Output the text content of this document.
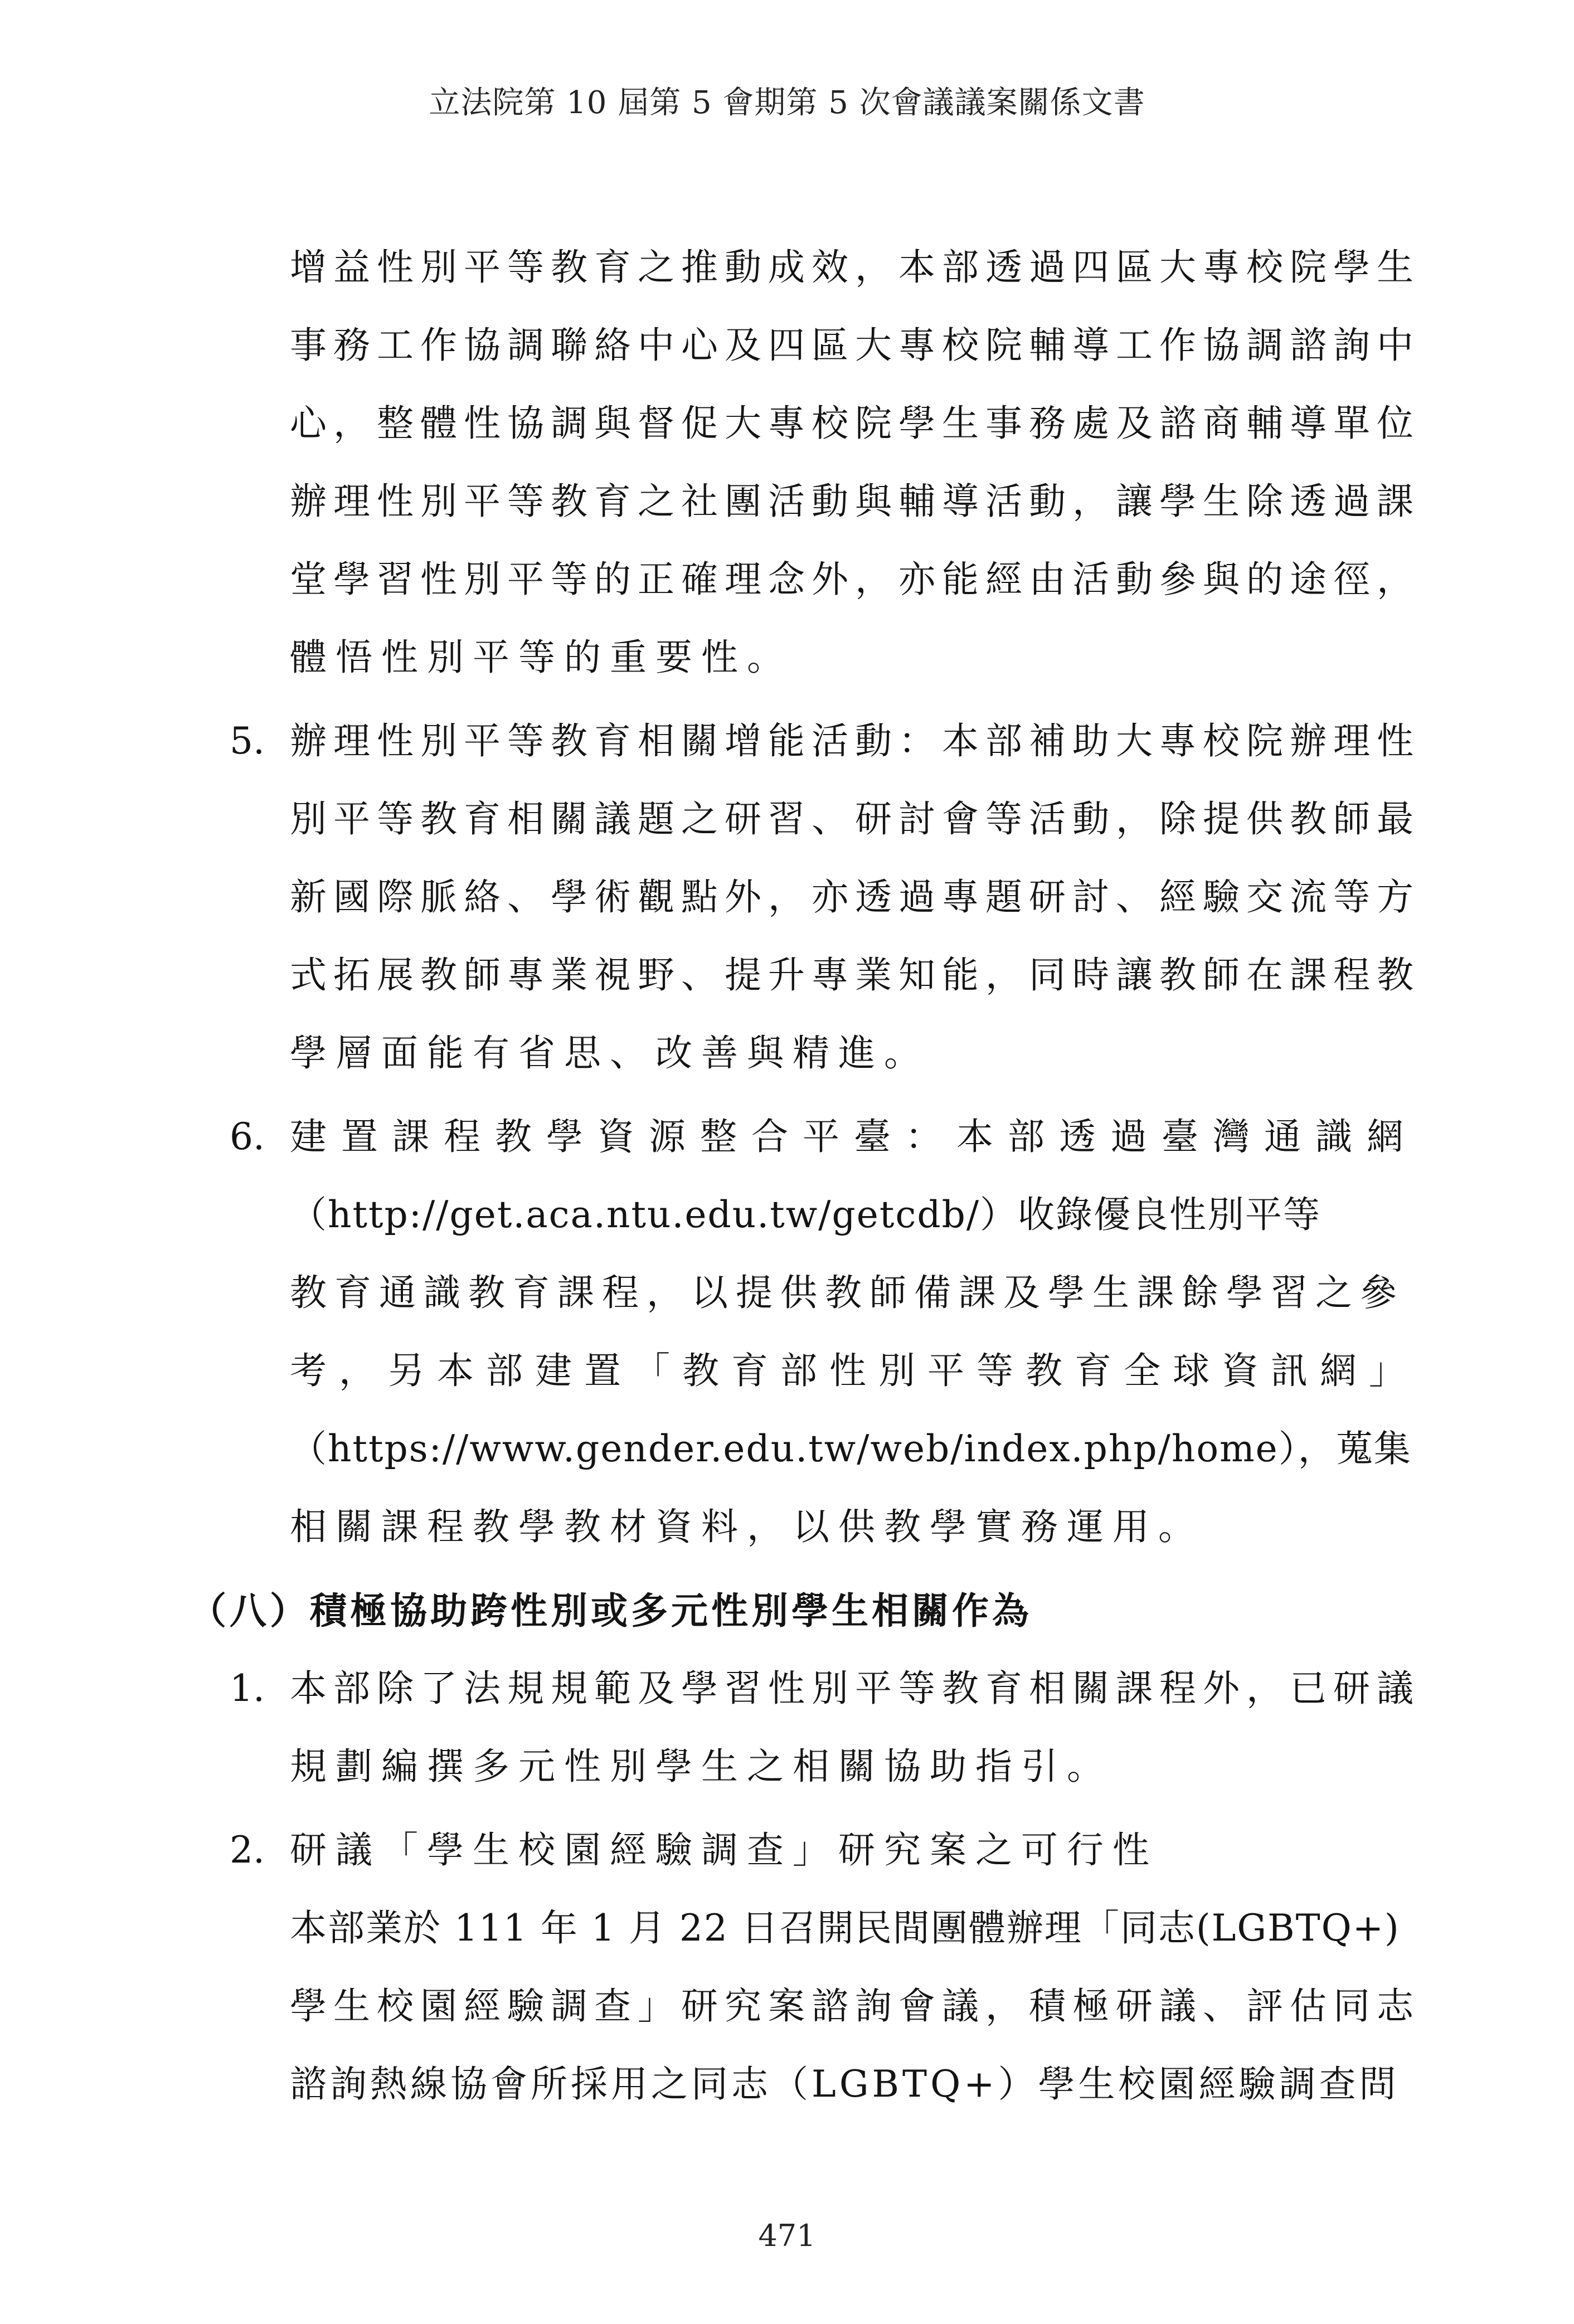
立法院第 10 屆第 5 會期第 5 次會議議案關係文書
增益性別平等教育之推動成效，本部透過四區大專校院學生
事務工作協調聯絡中心及四區大專校院輔導工作協調諮詢中
心，整體性協調與督促大專校院學生事務處及諮商輔導單位
辦理性別平等教育之社團活動與輔導活動，讓學生除透過課
堂學習性別平等的正確理念外，亦能經由活動參與的途徑，
體悟性別平等的重要性。
5. 辦理性別平等教育相關增能活動：本部補助大專校院辦理性
別平等教育相關議題之研習、研討會等活動，除提供教師最
新國際脈絡、學術觀點外，亦透過專題研討、經驗交流等方
式拓展教師專業視野、提升專業知能，同時讓教師在課程教
學層面能有省思、改善與精進。
6. 建置課程教學資源整合平臺：本部透過臺灣通識網
（http://get.aca.ntu.edu.tw/getcdb/）收錄優良性別平等
教育通識教育課程，以提供教師備課及學生課餘學習之參
考，另本部建置「教育部性別平等教育全球資訊網」
（https://www.gender.edu.tw/web/index.php/home），蒐集
相關課程教學教材資料，以供教學實務運用。
（八）積極協助跨性別或多元性別學生相關作為
1. 本部除了法規規範及學習性別平等教育相關課程外，已研議
規劃編撰多元性別學生之相關協助指引。
2. 研議「學生校園經驗調查」研究案之可行性
本部業於 111 年 1 月 22 日召開民間團體辦理「同志(LGBTQ+)
學生校園經驗調查」研究案諮詢會議，積極研議、評估同志
諮詢熱線協會所採用之同志（LGBTQ+）學生校園經驗調查問
471
